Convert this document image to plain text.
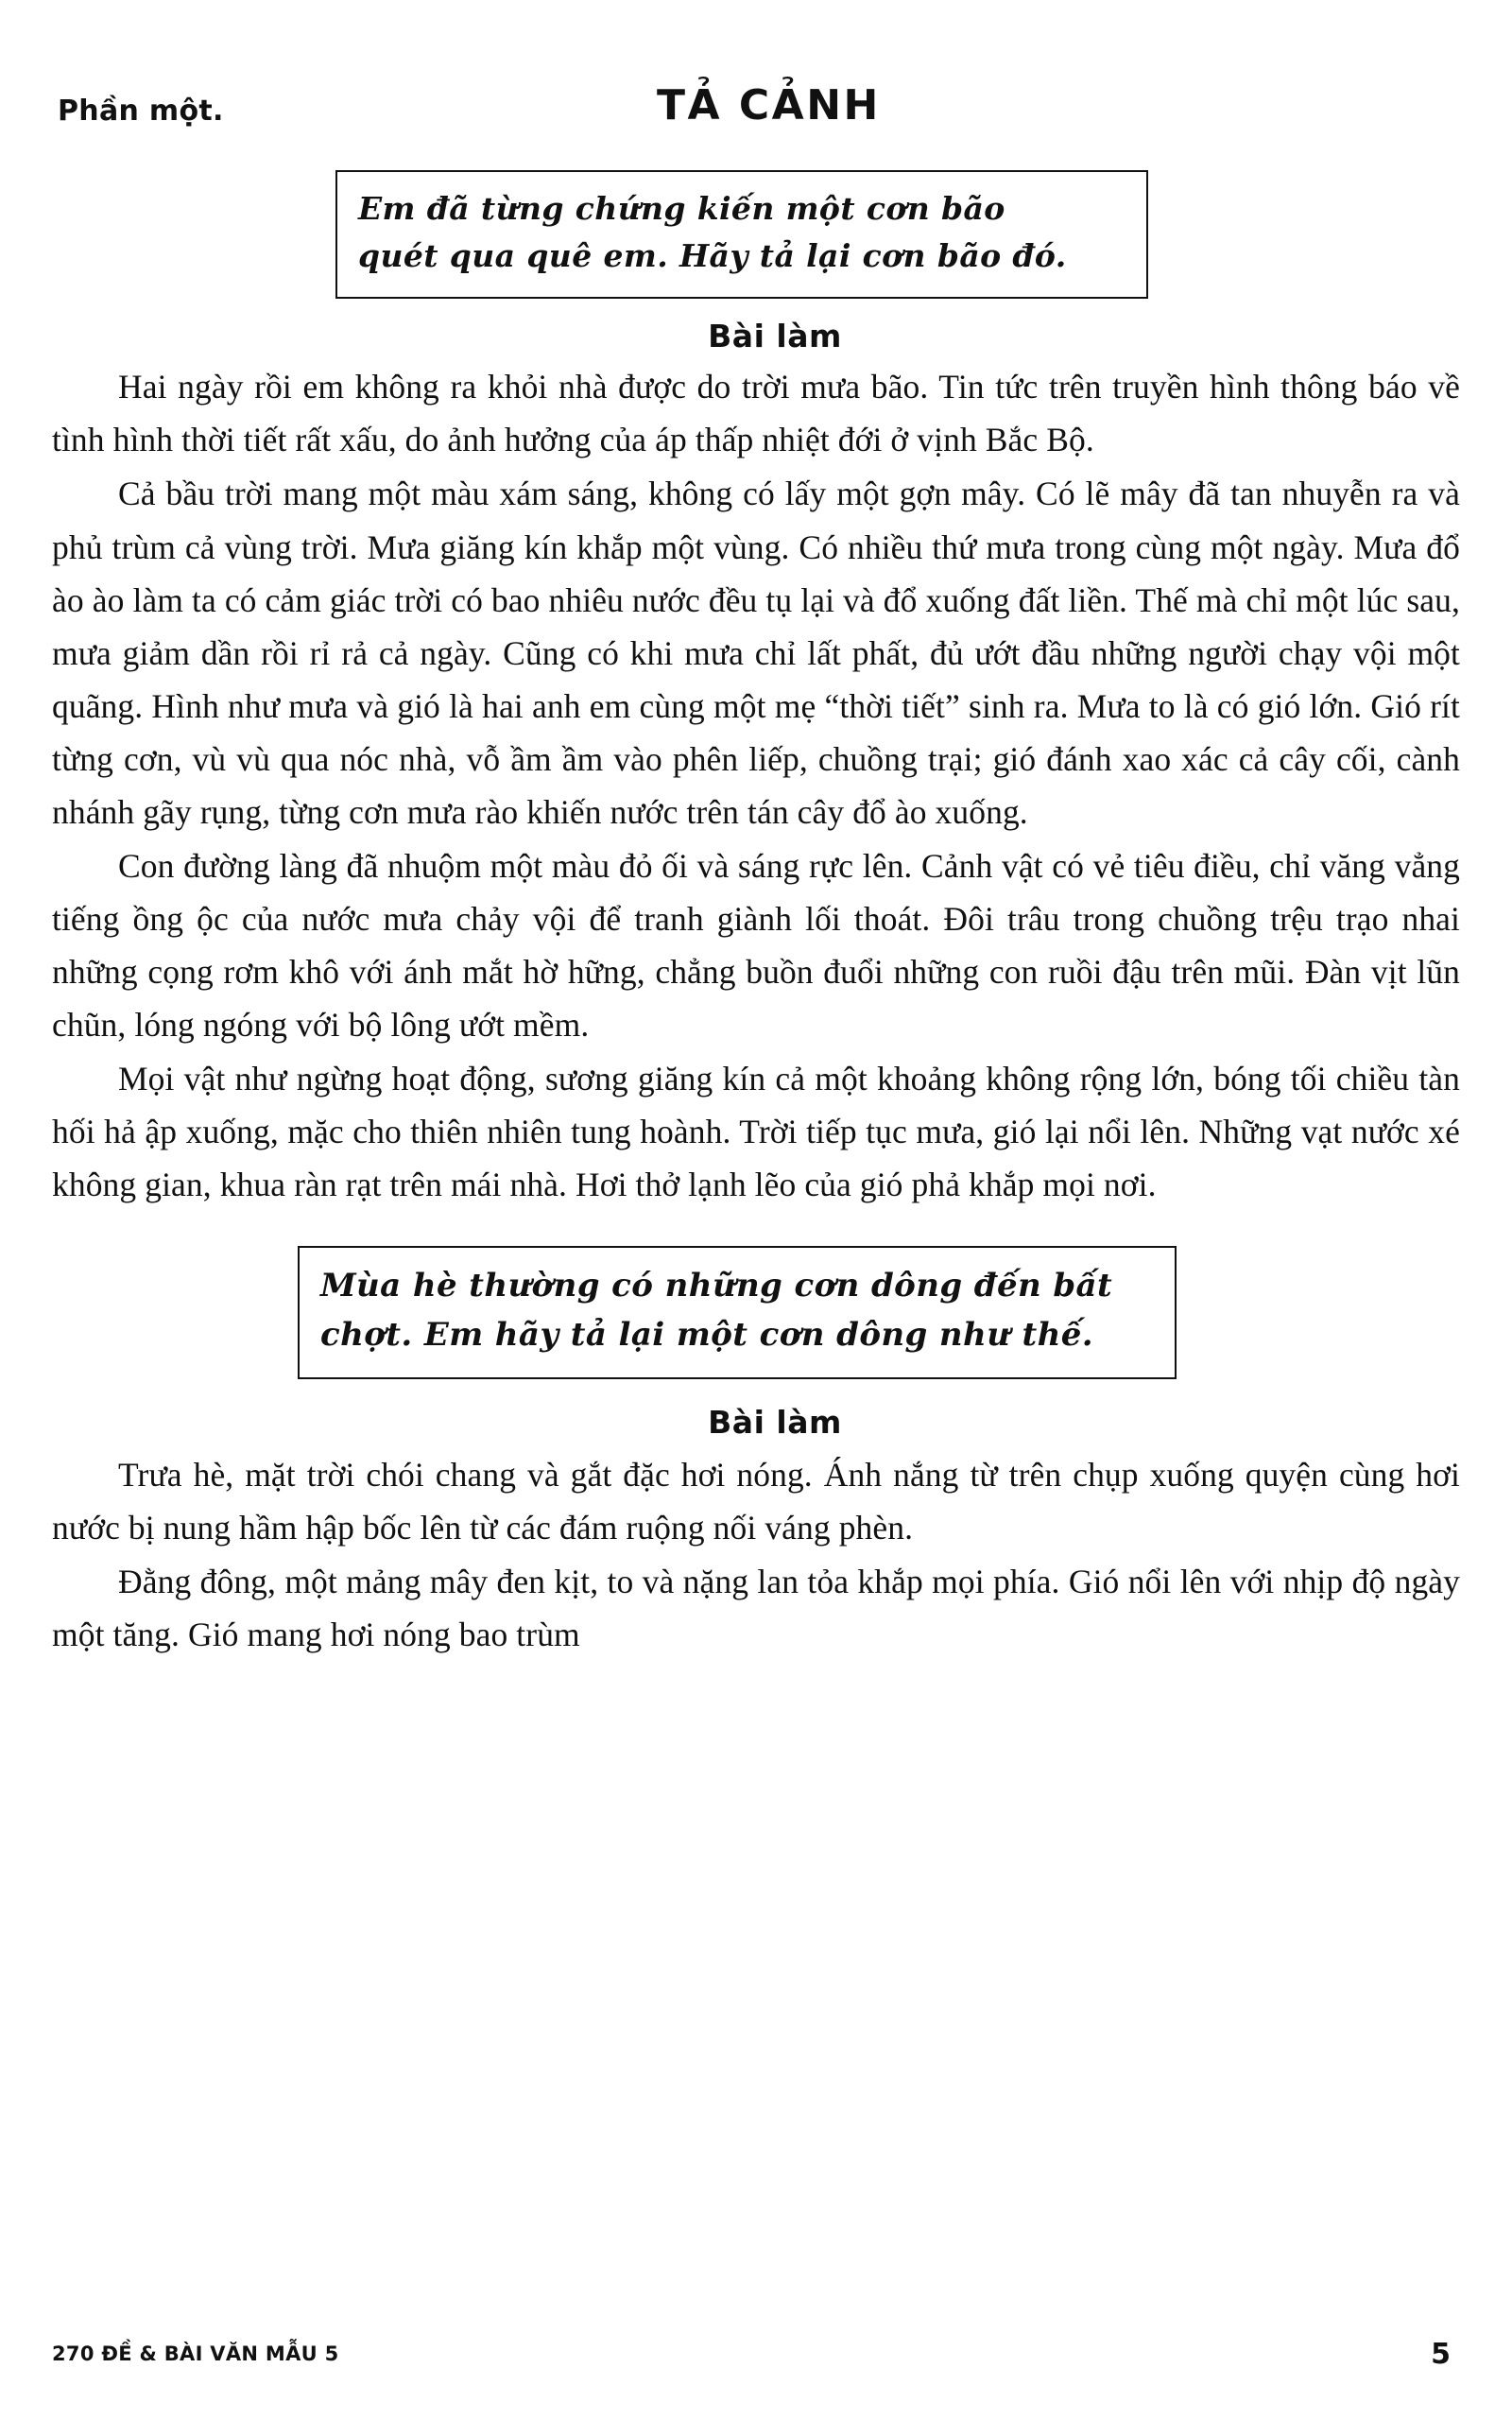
Phần một.	TẢ CẢNH
Em đã từng chứng kiến một cơn bão
quét qua quê em. Hãy tả lại cơn bão đó.
Bài làm

Hai ngày rồi em không ra khỏi nhà được do trời mưa bão. Tin tức trên truyền hình thông báo về tình hình thời tiết rất xấu, do ảnh hưởng của áp thấp nhiệt đới ở vịnh Bắc Bộ.

Cả bầu trời mang một màu xám sáng, không có lấy một gợn mây. Có lẽ mây đã tan nhuyễn ra và phủ trùm cả vùng trời. Mưa giăng kín khắp một vùng. Có nhiều thứ mưa trong cùng một ngày. Mưa đổ ào ào làm ta có cảm giác trời có bao nhiêu nước đều tụ lại và đổ xuống đất liền. Thế mà chỉ một lúc sau, mưa giảm dần rồi rỉ rả cả ngày. Cũng có khi mưa chỉ lất phất, đủ ướt đầu những người chạy vội một quãng. Hình như mưa và gió là hai anh em cùng một mẹ “thời tiết” sinh ra. Mưa to là có gió lớn. Gió rít từng cơn, vù vù qua nóc nhà, vỗ ầm ầm vào phên liếp, chuồng trại; gió đánh xao xác cả cây cối, cành nhánh gãy rụng, từng cơn mưa rào khiến nước trên tán cây đổ ào xuống.

Con đường làng đã nhuộm một màu đỏ ối và sáng rực lên. Cảnh vật có vẻ tiêu điều, chỉ văng vẳng tiếng ồng ộc của nước mưa chảy vội để tranh giành lối thoát. Đôi trâu trong chuồng trệu trạo nhai những cọng rơm khô với ánh mắt hờ hững, chẳng buồn đuổi những con ruồi đậu trên mũi. Đàn vịt lũn chũn, lóng ngóng với bộ lông ướt mềm.

Mọi vật như ngừng hoạt động, sương giăng kín cả một khoảng không rộng lớn, bóng tối chiều tàn hối hả ập xuống, mặc cho thiên nhiên tung hoành. Trời tiếp tục mưa, gió lại nổi lên. Những vạt nước xé không gian, khua ràn rạt trên mái nhà. Hơi thở lạnh lẽo của gió phả khắp mọi nơi.

Mùa hè thường có những cơn dông đến bất
chợt. Em hãy tả lại một cơn dông như thế.
Bài làm

Trưa hè, mặt trời chói chang và gắt đặc hơi nóng. Ánh nắng từ trên chụp xuống quyện cùng hơi nước bị nung hầm hập bốc lên từ các đám ruộng nối váng phèn.

Đằng đông, một mảng mây đen kịt, to và nặng lan tỏa khắp mọi phía. Gió nổi lên với nhịp độ ngày một tăng. Gió mang hơi nóng bao trùm

270 ĐỀ & BÀI VĂN MẪU 5	5
